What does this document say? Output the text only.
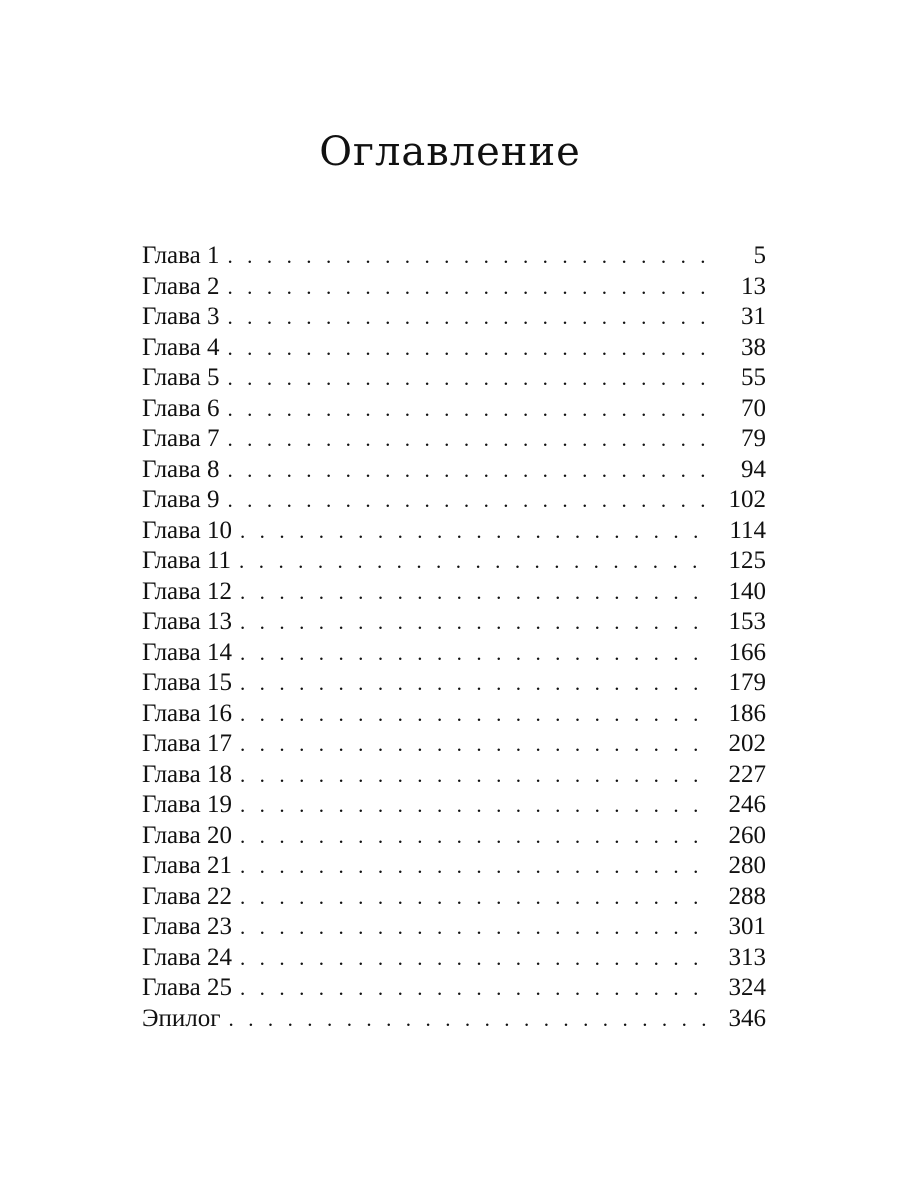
Оглавление
Глава 1 . . .	5
Глава 2 . . .	13
Глава 3 . . .	31
Глава 4 . . .	38
Глава 5 . . .	55
Глава 6 . . .	70
Глава 7 . . .	79
Глава 8 . . .	94
Глава 9 . . .	102
Глава 10 . . .	114
Глава 11 . . .	125
Глава 12 . . .	140
Глава 13 . . .	153
Глава 14 . . .	166
Глава 15 . . .	179
Глава 16 . . .	186
Глава 17 . . .	202
Глава 18 . . .	227
Глава 19 . . .	246
Глава 20 . . .	260
Глава 21 . . .	280
Глава 22 . . .	288
Глава 23 . . .	301
Глава 24 . . .	313
Глава 25 . . .	324
Эпилог . . .	346
